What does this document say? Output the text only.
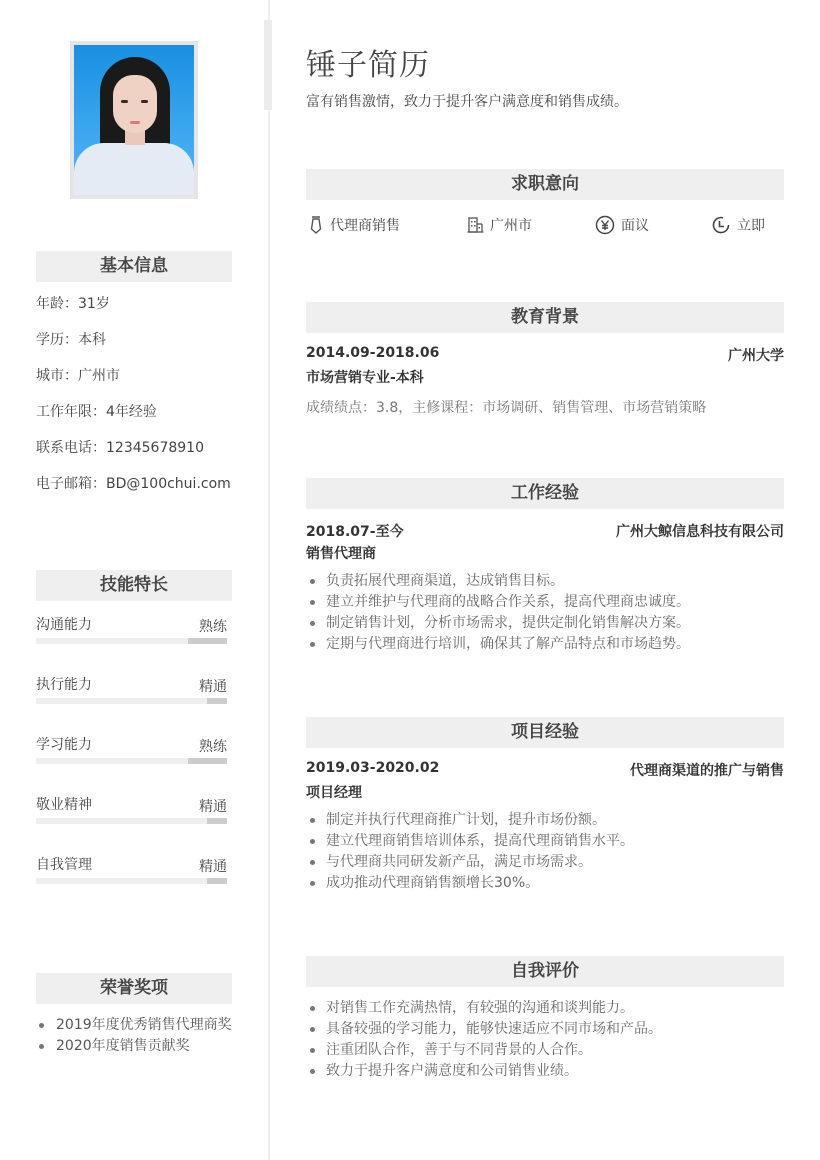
基本信息
年龄：31岁
学历：本科
城市：广州市
工作年限：4年经验
联系电话：12345678910
电子邮箱：BD@100chui.com
技能特长
沟通能力	熟练
执行能力	精通
学习能力	熟练
敬业精神	精通
自我管理	精通
荣誉奖项
2019年度优秀销售代理商奖
2020年度销售贡献奖
锤子简历
富有销售激情，致力于提升客户满意度和销售成绩。
求职意向
代理商销售	广州市	面议	立即
教育背景
2014.09-2018.06	广州大学
市场营销专业-本科
成绩绩点：3.8，主修课程：市场调研、销售管理、市场营销策略
工作经验
2018.07-至今	广州大鲸信息科技有限公司
销售代理商
负责拓展代理商渠道，达成销售目标。
建立并维护与代理商的战略合作关系，提高代理商忠诚度。
制定销售计划，分析市场需求，提供定制化销售解决方案。
定期与代理商进行培训，确保其了解产品特点和市场趋势。
项目经验
2019.03-2020.02	代理商渠道的推广与销售
项目经理
制定并执行代理商推广计划，提升市场份额。
建立代理商销售培训体系，提高代理商销售水平。
与代理商共同研发新产品，满足市场需求。
成功推动代理商销售额增长30%。
自我评价
对销售工作充满热情，有较强的沟通和谈判能力。
具备较强的学习能力，能够快速适应不同市场和产品。
注重团队合作，善于与不同背景的人合作。
致力于提升客户满意度和公司销售业绩。
